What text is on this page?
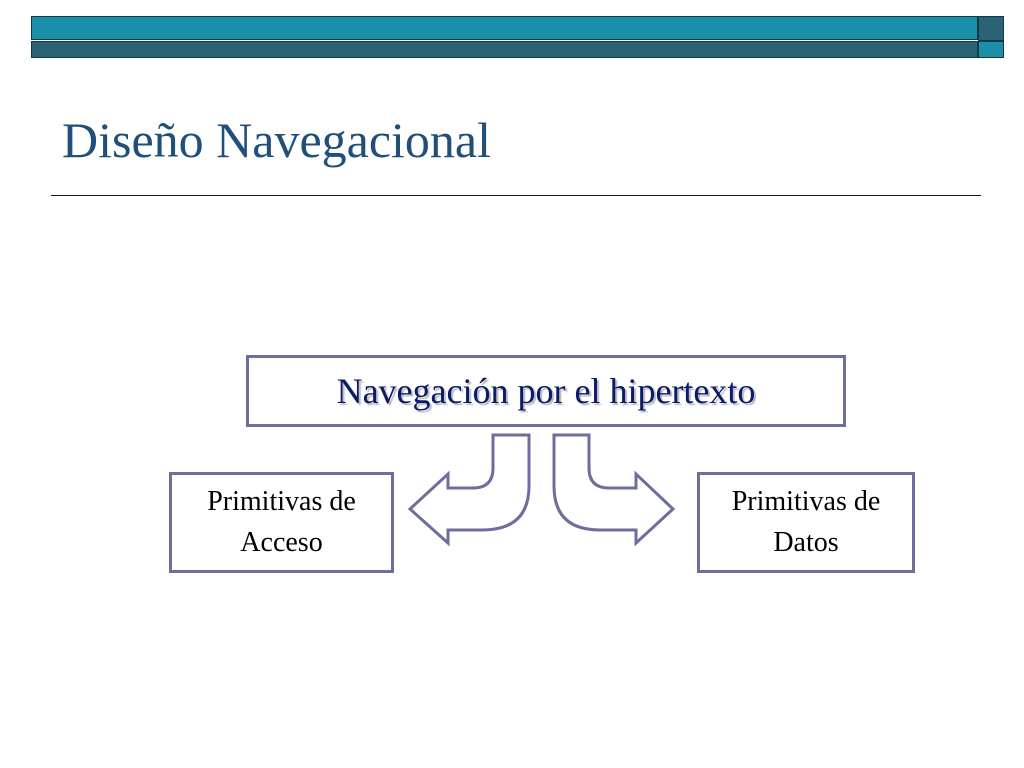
Diseño Navegacional
Navegación por el hipertexto
Primitivas de Acceso
Primitivas de Datos
